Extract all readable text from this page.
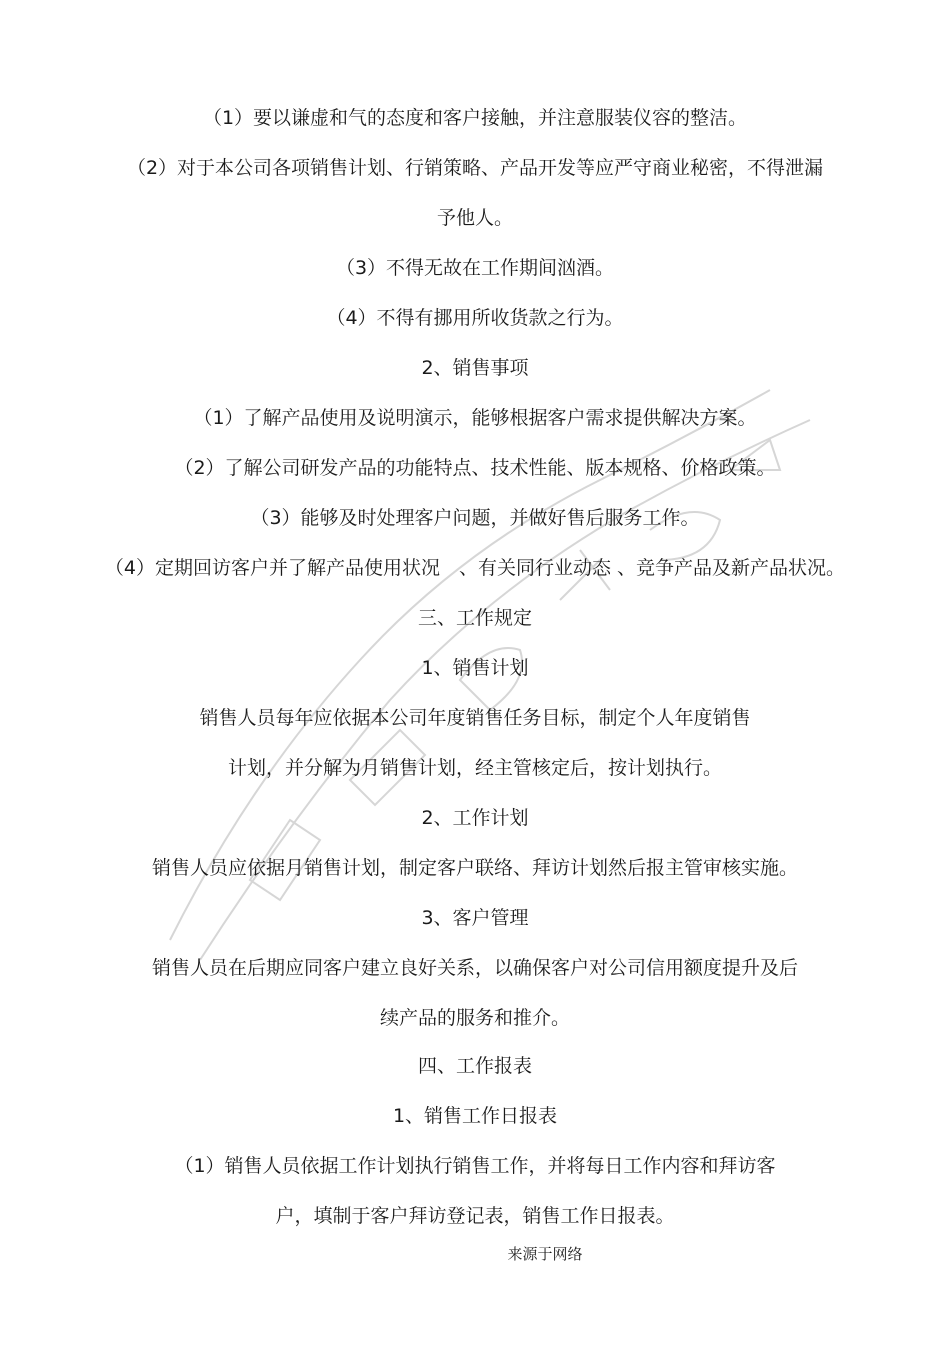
（1）要以谦虚和气的态度和客户接触，并注意服装仪容的整洁。
（2）对于本公司各项销售计划、行销策略、产品开发等应严守商业秘密，不得泄漏
予他人。
（3）不得无故在工作期间汹酒。
（4）不得有挪用所收货款之行为。
2、销售事项
（1）了解产品使用及说明演示，能够根据客户需求提供解决方案。
（2）了解公司研发产品的功能特点、技术性能、版本规格、价格政策。
（3）能够及时处理客户问题，并做好售后服务工作。
（4）定期回访客户并了解产品使用状况　、有关同行业动态 、竞争产品及新产品状况。
三、工作规定
1、销售计划
销售人员每年应依据本公司年度销售任务目标，制定个人年度销售
计划，并分解为月销售计划，经主管核定后，按计划执行。
2、工作计划
销售人员应依据月销售计划，制定客户联络、拜访计划然后报主管审核实施。
3、客户管理
销售人员在后期应同客户建立良好关系，以确保客户对公司信用额度提升及后
续产品的服务和推介。
四、工作报表
1、销售工作日报表
（1）销售人员依据工作计划执行销售工作，并将每日工作内容和拜访客
户，填制于客户拜访登记表，销售工作日报表。
来源于网络
